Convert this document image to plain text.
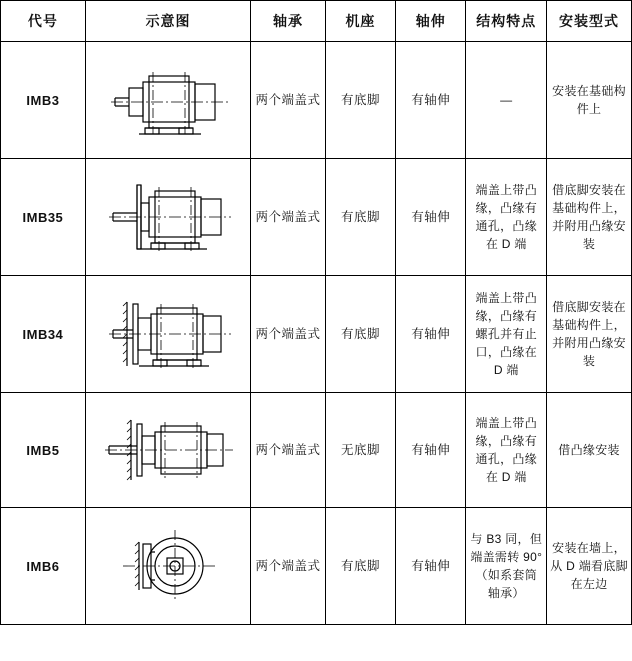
代号	示意图	轴承	机座	轴伸	结构特点	安装型式
IMB3		两个端盖式	有底脚	有轴伸	—	安装在基础构件上
IMB35		两个端盖式	有底脚	有轴伸	端盖上带凸缘，凸缘有通孔，凸缘在 D 端	借底脚安装在基础构件上，并附用凸缘安装
IMB34		两个端盖式	有底脚	有轴伸	端盖上带凸缘，凸缘有螺孔并有止口，凸缘在 D 端	借底脚安装在基础构件上，并附用凸缘安装
IMB5		两个端盖式	无底脚	有轴伸	端盖上带凸缘，凸缘有通孔，凸缘在 D 端	借凸缘安装
IMB6		两个端盖式	有底脚	有轴伸	与 B3 同，但端盖需转 90°（如系套筒轴承）	安装在墙上，从 D 端看底脚在左边
